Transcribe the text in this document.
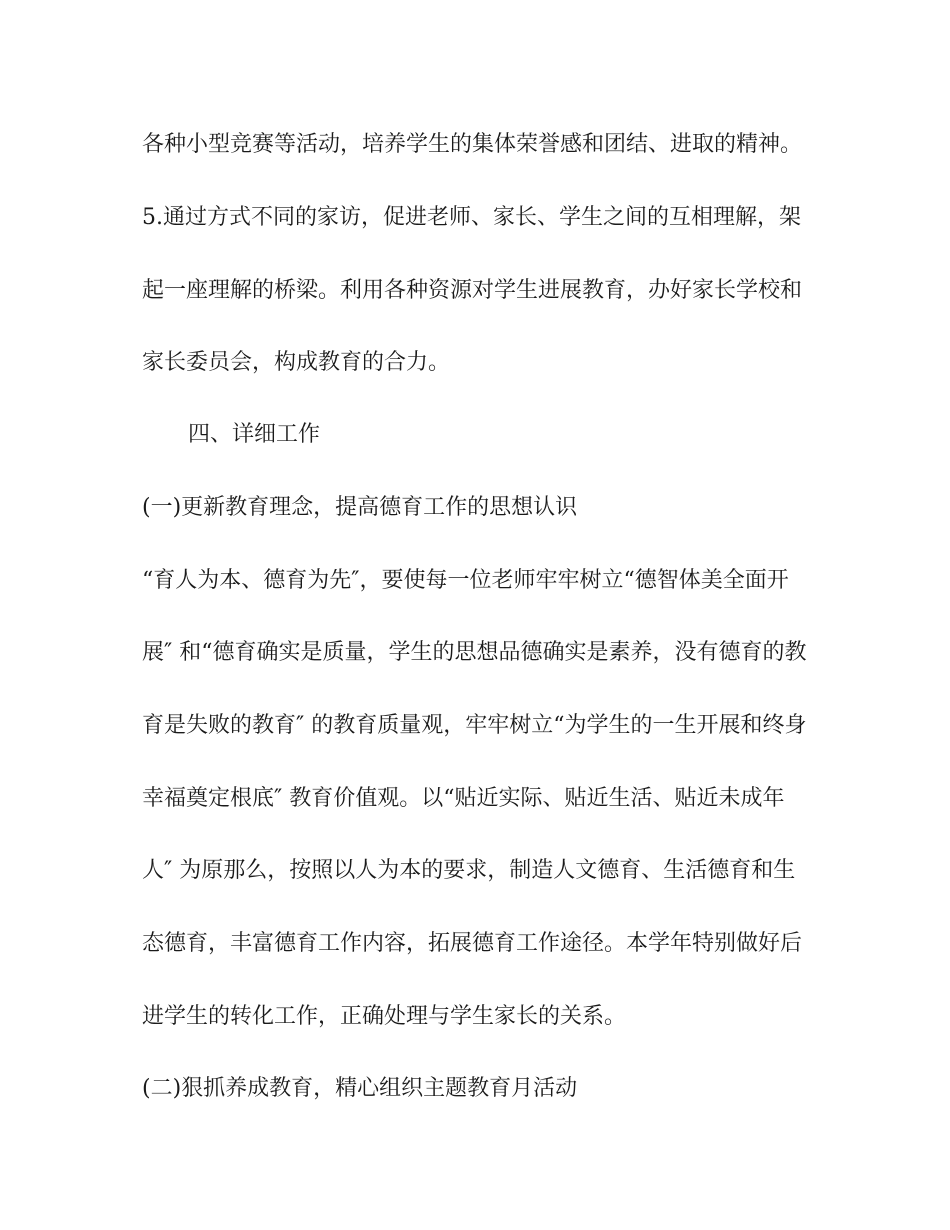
各种小型竞赛等活动，培养学生的集体荣誉感和团结、进取的精神。
5.通过方式不同的家访，促进老师、家长、学生之间的互相理解，架
起一座理解的桥梁。利用各种资源对学生进展教育，办好家长学校和
家长委员会，构成教育的合力。
四、详细工作
(一)更新教育理念，提高德育工作的思想认识
“育人为本、德育为先″，要使每一位老师牢牢树立“德智体美全面开
展″ 和“德育确实是质量，学生的思想品德确实是素养，没有德育的教
育是失败的教育″ 的教育质量观，牢牢树立“为学生的一生开展和终身
幸福奠定根底″ 教育价值观。以“贴近实际、贴近生活、贴近未成年
人″ 为原那么，按照以人为本的要求，制造人文德育、生活德育和生
态德育，丰富德育工作内容，拓展德育工作途径。本学年特别做好后
进学生的转化工作，正确处理与学生家长的关系。
(二)狠抓养成教育，精心组织主题教育月活动
